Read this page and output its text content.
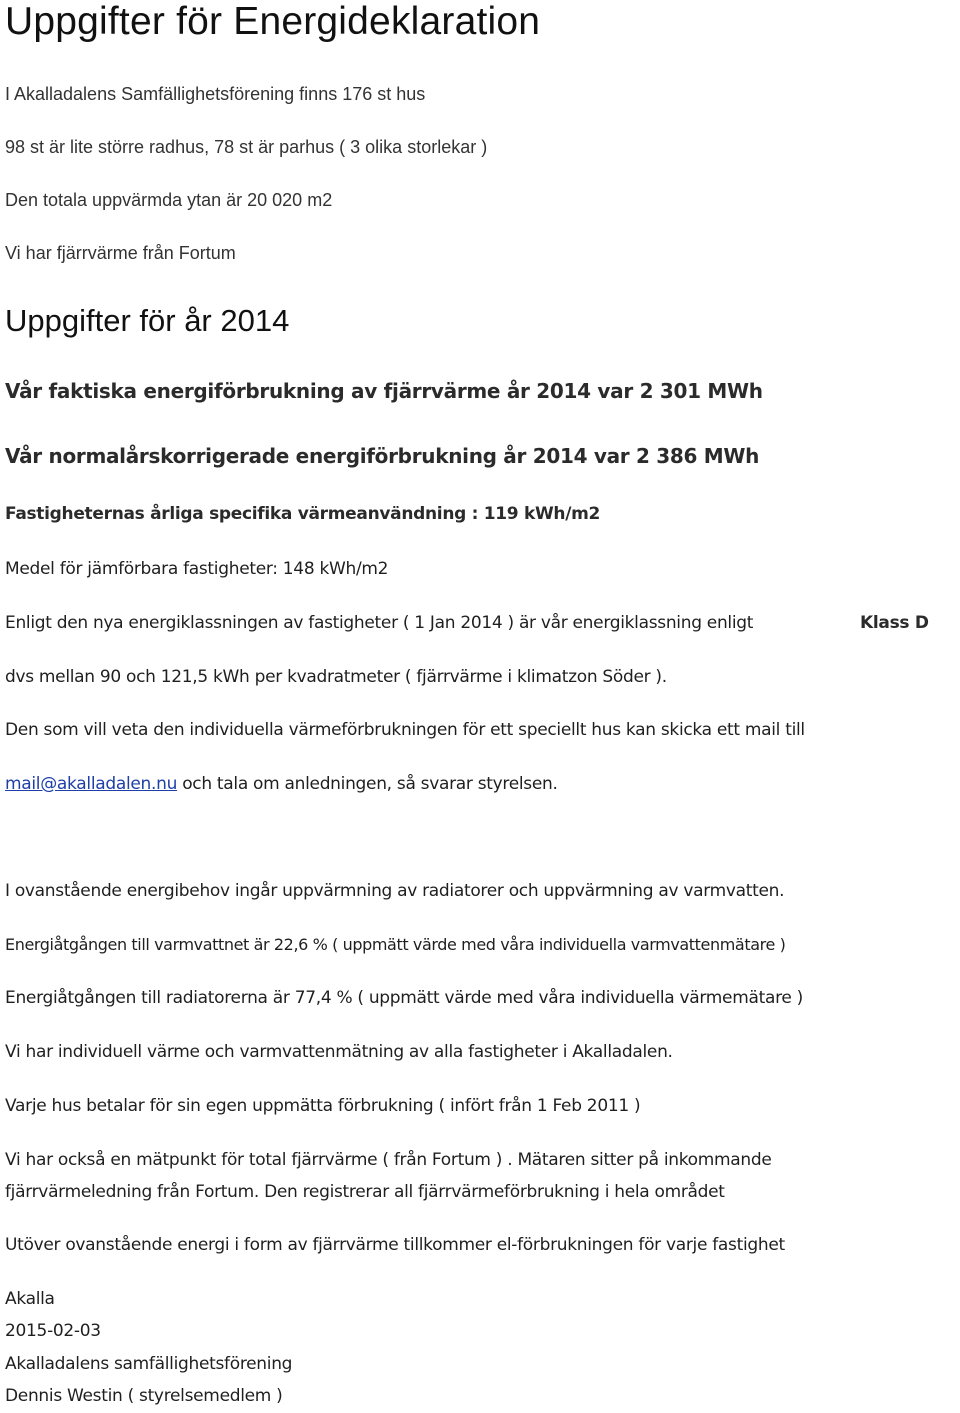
Uppgifter för Energideklaration

I Akalladalens Samfällighetsförening finns 176 st hus

98 st är lite större radhus, 78 st är parhus ( 3 olika storlekar )

Den totala uppvärmda ytan är 20 020 m2

Vi har fjärrvärme från Fortum

Uppgifter för år 2014

Vår faktiska energiförbrukning av fjärrvärme år 2014 var 2 301 MWh

Vår normalårskorrigerade energiförbrukning år 2014 var 2 386 MWh

Fastigheternas årliga specifika värmeanvändning : 119 kWh/m2

Medel för jämförbara fastigheter: 148 kWh/m2

Enligt den nya energiklassningen av fastigheter ( 1 Jan 2014 ) är vår energiklassning enligt	Klass D

dvs mellan 90 och 121,5 kWh per kvadratmeter ( fjärrvärme i klimatzon Söder ).

Den som vill veta den individuella värmeförbrukningen för ett speciellt hus kan skicka ett mail till

mail@akalladalen.nu och tala om anledningen, så svarar styrelsen.

I ovanstående energibehov ingår uppvärmning av radiatorer och uppvärmning av varmvatten.

Energiåtgången till varmvattnet är 22,6 % ( uppmätt värde med våra individuella varmvattenmätare )

Energiåtgången till radiatorerna är 77,4 % ( uppmätt värde med våra individuella värmemätare )

Vi har individuell värme och varmvattenmätning av alla fastigheter i Akalladalen.

Varje hus betalar för sin egen uppmätta förbrukning ( infört från 1 Feb 2011 )

Vi har också en mätpunkt för total fjärrvärme ( från Fortum ) . Mätaren sitter på inkommande

fjärrvärmeledning från Fortum. Den registrerar all fjärrvärmeförbrukning i hela området

Utöver ovanstående energi i form av fjärrvärme tillkommer el-förbrukningen för varje fastighet

Akalla

2015-02-03

Akalladalens samfällighetsförening

Dennis Westin ( styrelsemedlem )
